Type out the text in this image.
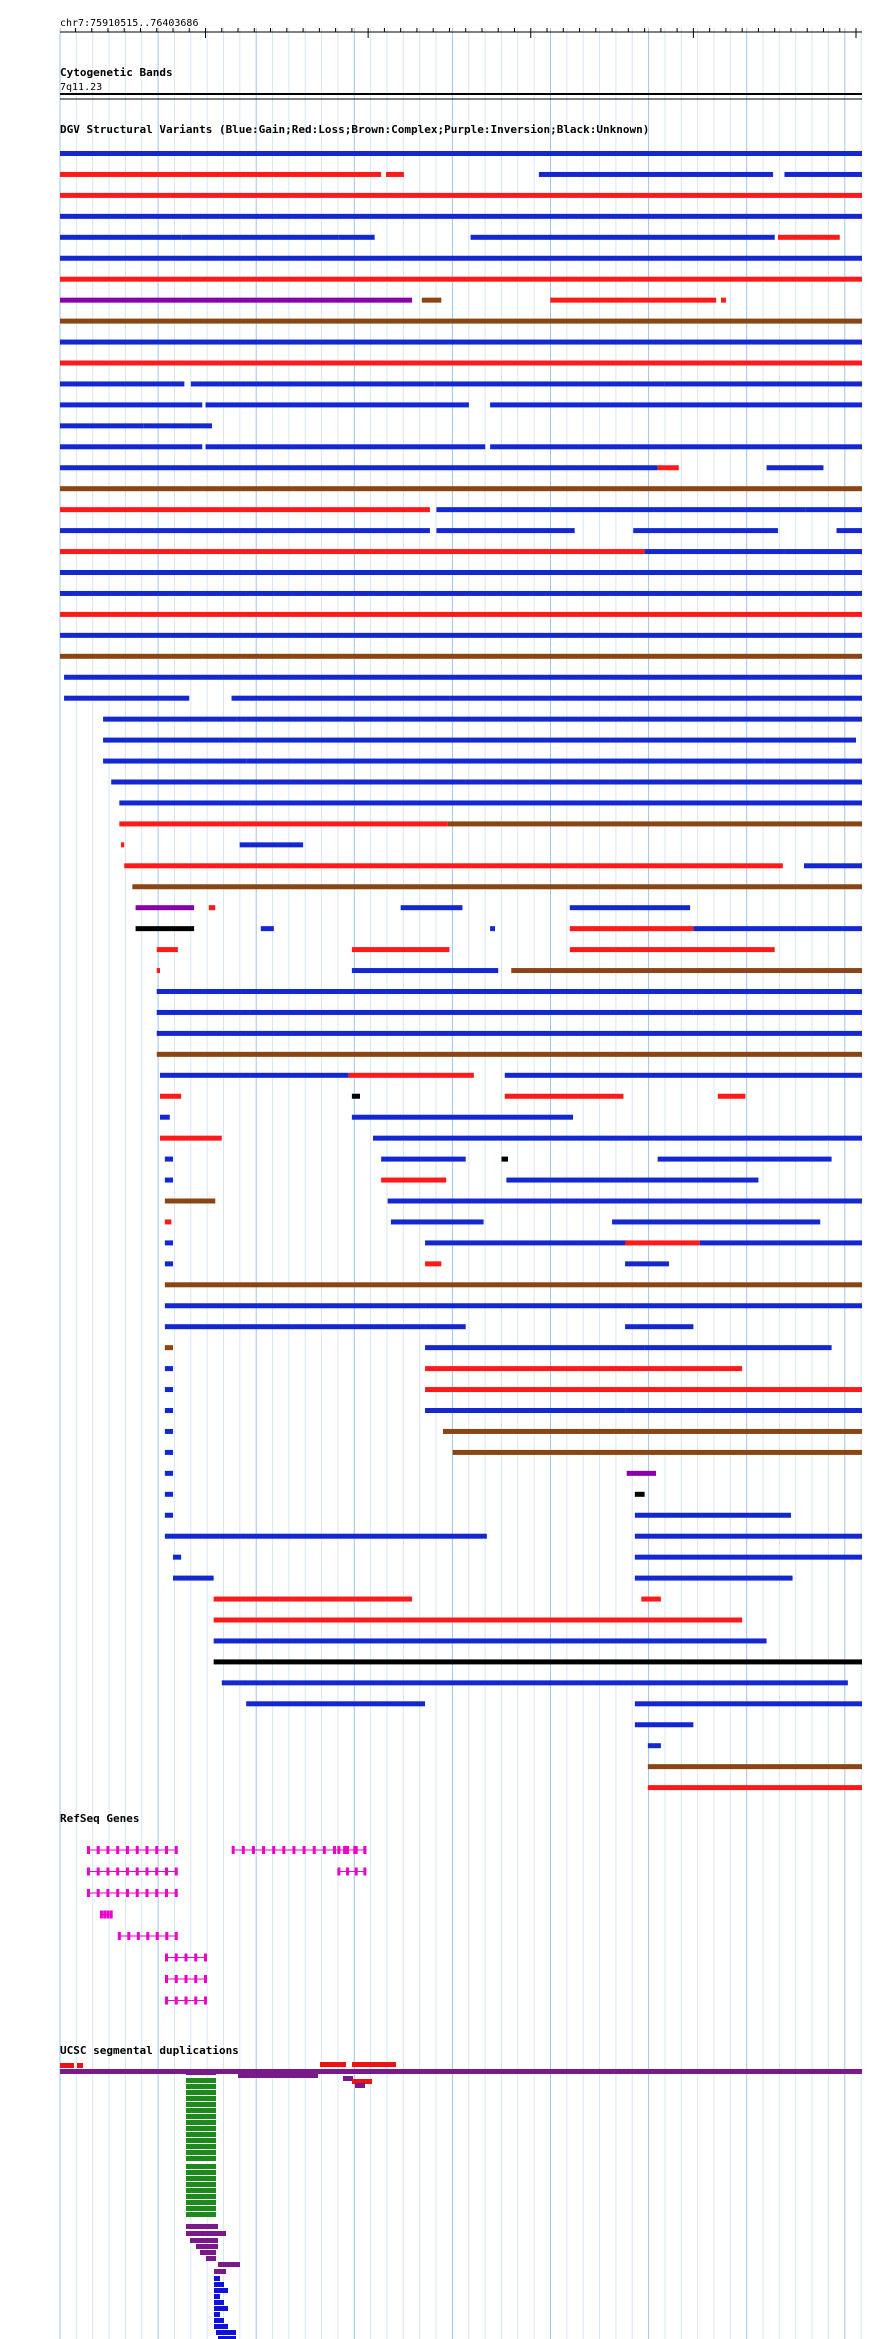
chr7:75910515..76403686
Cytogenetic Bands
7q11.23
DGV Structural Variants (Blue:Gain;Red:Loss;Brown:Complex;Purple:Inversion;Black:Unknown)
RefSeq Genes
UCSC segmental duplications
